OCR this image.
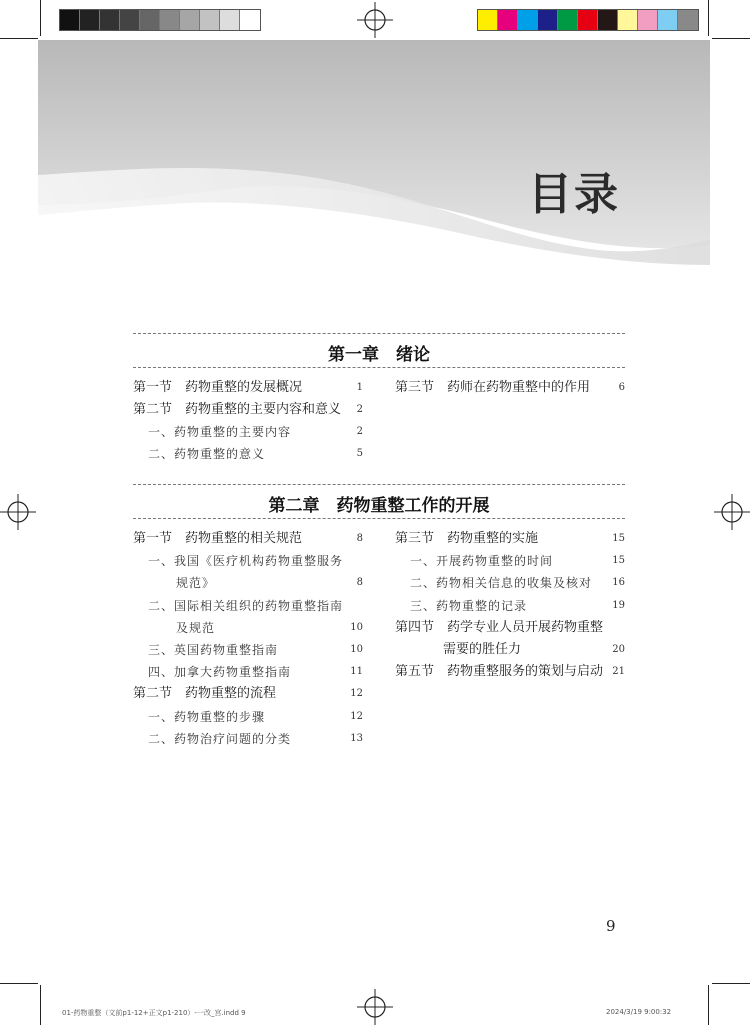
目录
第一章　绪论
第一节　药物重整的发展概况	1
第二节　药物重整的主要内容和意义	2
一、药物重整的主要内容	2
二、药物重整的意义	5
第三节　药师在药物重整中的作用	6
第二章　药物重整工作的开展
第一节　药物重整的相关规范	8
一、我国《医疗机构药物重整服务
规范》	8
二、国际相关组织的药物重整指南
及规范	10
三、英国药物重整指南	10
四、加拿大药物重整指南	11
第二节　药物重整的流程	12
一、药物重整的步骤	12
二、药物治疗问题的分类	13
第三节　药物重整的实施	15
一、开展药物重整的时间	15
二、药物相关信息的收集及核对	16
三、药物重整的记录	19
第四节　药学专业人员开展药物重整
需要的胜任力	20
第五节　药物重整服务的策划与启动 21
9
01-药物重整（文前p1-12+正文p1-210）-一改_宫.indd 9	2024/3/19 9:00:32
